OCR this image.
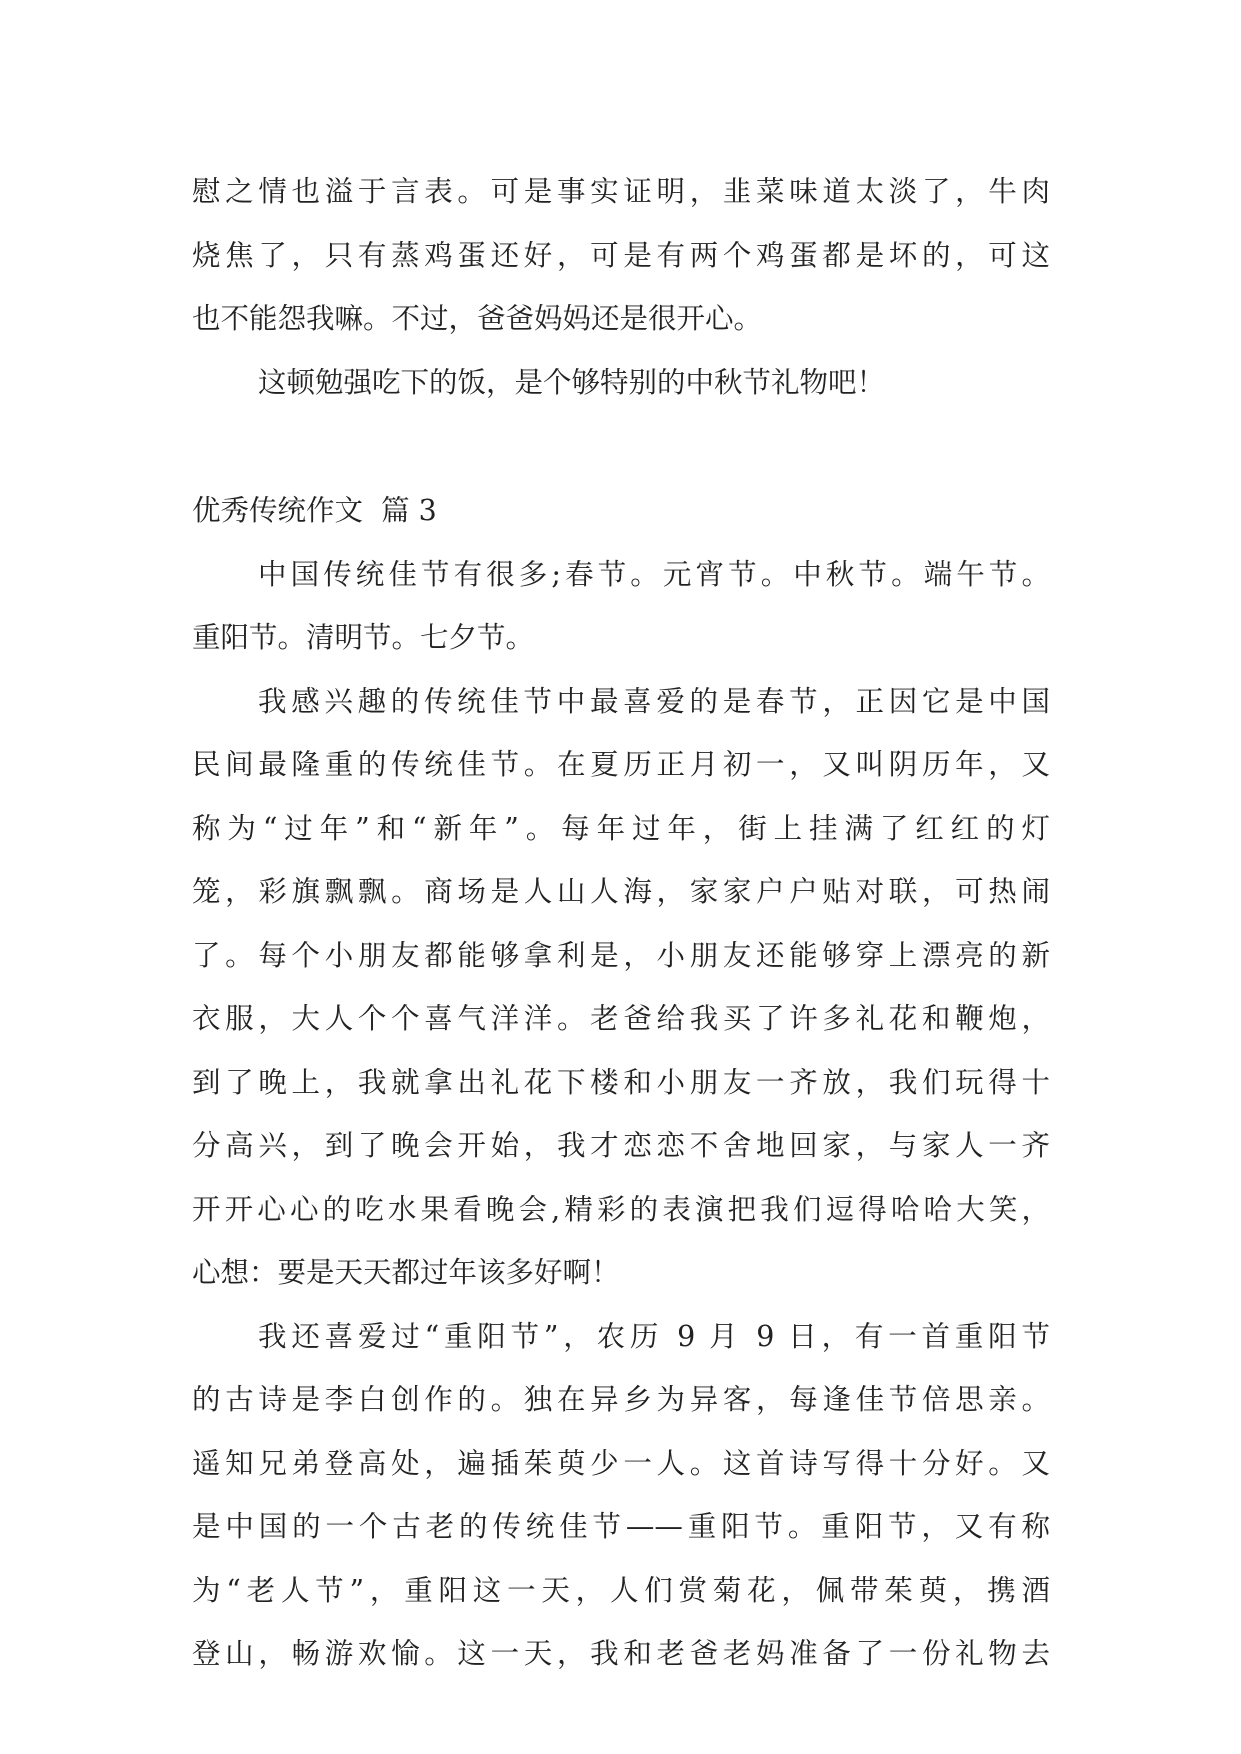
慰之情也溢于言表。可是事实证明，韭菜味道太淡了，牛肉
烧焦了，只有蒸鸡蛋还好，可是有两个鸡蛋都是坏的，可这
也不能怨我嘛。不过，爸爸妈妈还是很开心。
这顿勉强吃下的饭，是个够特别的中秋节礼物吧！
优秀传统作文  篇 3
中国传统佳节有很多;春节。元宵节。中秋节。端午节。
重阳节。清明节。七夕节。
我感兴趣的传统佳节中最喜爱的是春节，正因它是中国
民间最隆重的传统佳节。在夏历正月初一，又叫阴历年，又
称为“过年”和“新年”。每年过年，街上挂满了红红的灯
笼，彩旗飘飘。商场是人山人海，家家户户贴对联，可热闹
了。每个小朋友都能够拿利是，小朋友还能够穿上漂亮的新
衣服，大人个个喜气洋洋。老爸给我买了许多礼花和鞭炮，
到了晚上，我就拿出礼花下楼和小朋友一齐放，我们玩得十
分高兴，到了晚会开始，我才恋恋不舍地回家，与家人一齐
开开心心的吃水果看晚会,精彩的表演把我们逗得哈哈大笑，
心想：要是天天都过年该多好啊！
我还喜爱过“重阳节”，农历 9 月 9 日，有一首重阳节
的古诗是李白创作的。独在异乡为异客，每逢佳节倍思亲。
遥知兄弟登高处，遍插茱萸少一人。这首诗写得十分好。又
是中国的一个古老的传统佳节——重阳节。重阳节，又有称
为“老人节”，重阳这一天，人们赏菊花，佩带茱萸，携酒
登山，畅游欢愉。这一天，我和老爸老妈准备了一份礼物去
